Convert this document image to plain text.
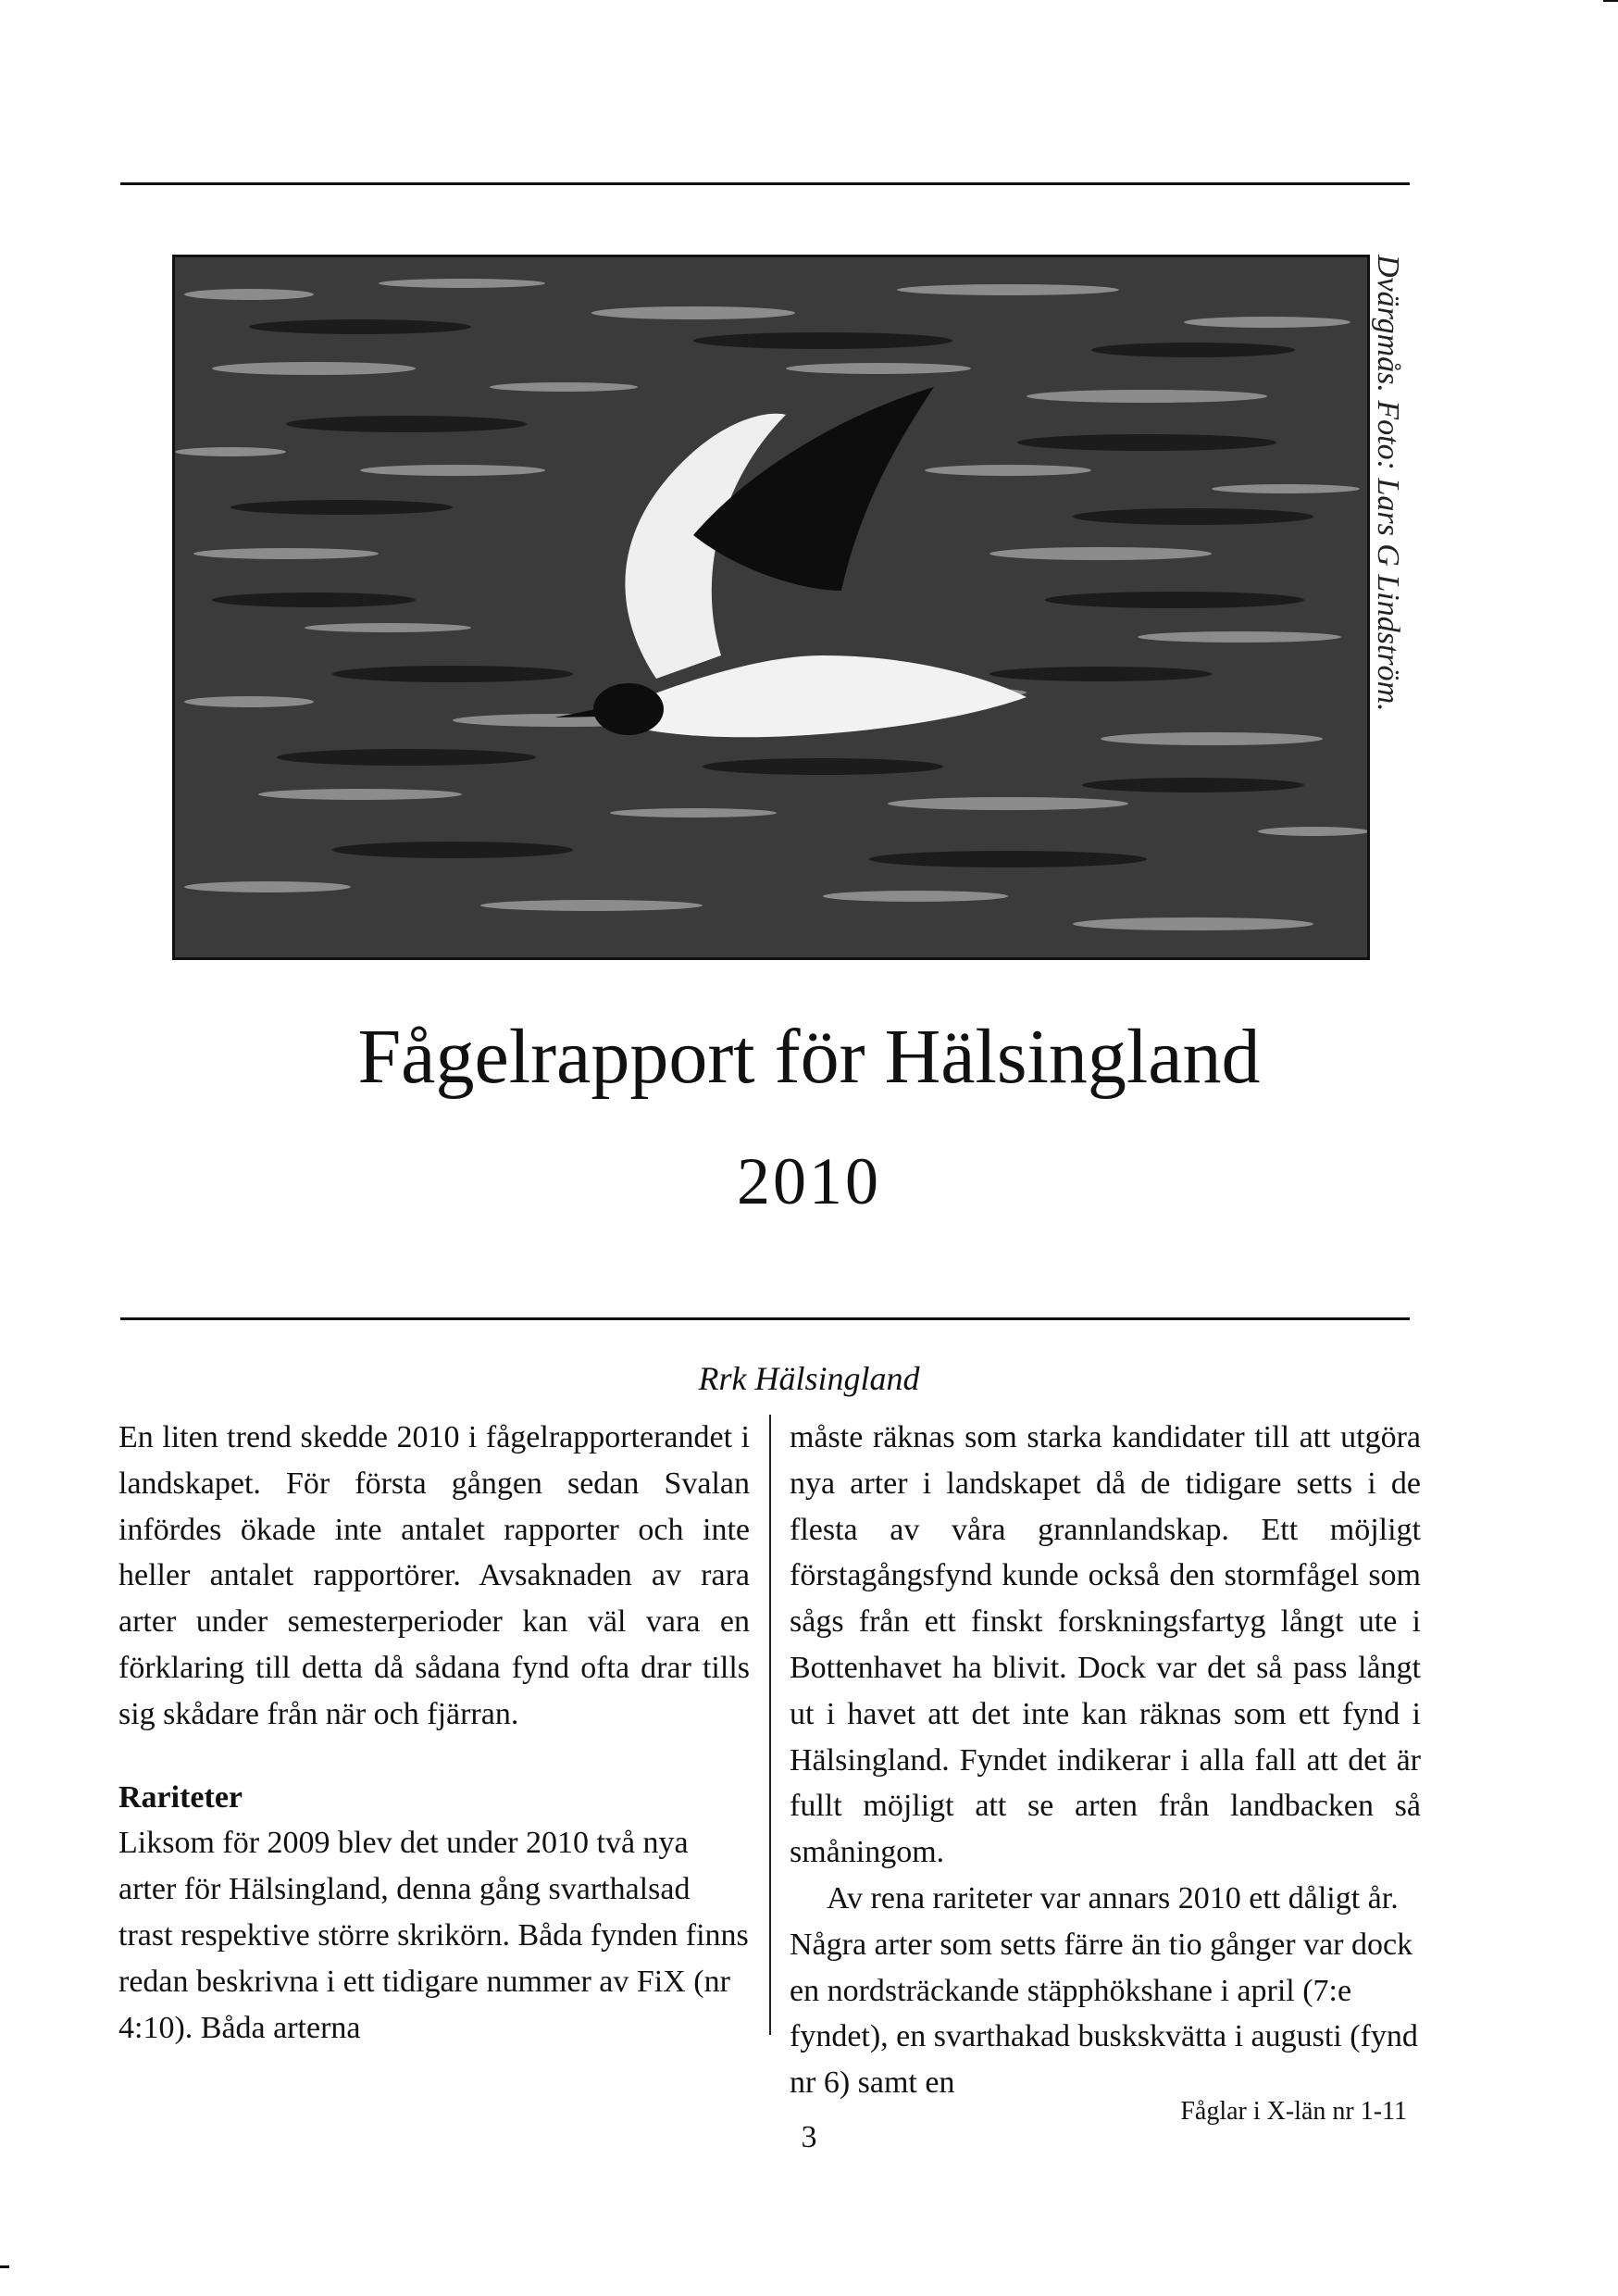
Dvärgmås. Foto: Lars G Lindström.
Fågelrapport för Hälsingland
2010
Rrk Hälsingland

En liten trend skedde 2010 i fågelrapporterandet i landskapet. För första gången sedan Svalan infördes ökade inte antalet rapporter och inte heller antalet rapportörer. Avsaknaden av rara arter under semesterperioder kan väl vara en förklaring till detta då sådana fynd ofta drar tills sig skådare från när och fjärran.

Rariteter

Liksom för 2009 blev det under 2010 två nya arter för Hälsingland, denna gång svarthalsad trast respektive större skrikörn. Båda fynden finns redan beskrivna i ett tidigare nummer av FiX (nr 4:10). Båda arterna

måste räknas som starka kandidater till att utgöra nya arter i landskapet då de tidigare setts i de flesta av våra grannlandskap. Ett möjligt förstagångsfynd kunde också den stormfågel som sågs från ett finskt forskningsfartyg långt ute i Bottenhavet ha blivit. Dock var det så pass långt ut i havet att det inte kan räknas som ett fynd i Hälsingland. Fyndet indikerar i alla fall att det är fullt möjligt att se arten från landbacken så småningom.

Av rena rariteter var annars 2010 ett dåligt år. Några arter som setts färre än tio gånger var dock en nordsträckande stäpphökshane i april (7:e fyndet), en svarthakad buskskvätta i augusti (fynd nr 6) samt en

3
Fåglar i X-län nr 1-11
